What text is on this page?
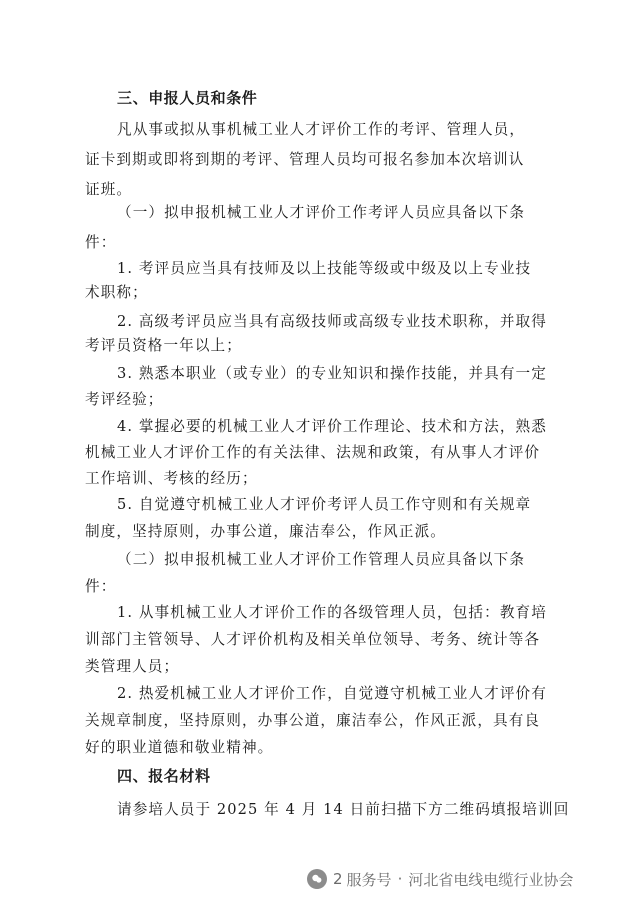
三、申报人员和条件
凡从事或拟从事机械工业人才评价工作的考评、管理人员，
证卡到期或即将到期的考评、管理人员均可报名参加本次培训认
证班。
（一）拟申报机械工业人才评价工作考评人员应具备以下条
件：
1. 考评员应当具有技师及以上技能等级或中级及以上专业技
术职称；
2. 高级考评员应当具有高级技师或高级专业技术职称，并取得
考评员资格一年以上；
3. 熟悉本职业（或专业）的专业知识和操作技能，并具有一定
考评经验；
4. 掌握必要的机械工业人才评价工作理论、技术和方法，熟悉
机械工业人才评价工作的有关法律、法规和政策，有从事人才评价
工作培训、考核的经历；
5. 自觉遵守机械工业人才评价考评人员工作守则和有关规章
制度，坚持原则，办事公道，廉洁奉公，作风正派。
（二）拟申报机械工业人才评价工作管理人员应具备以下条
件：
1. 从事机械工业人才评价工作的各级管理人员，包括：教育培
训部门主管领导、人才评价机构及相关单位领导、考务、统计等各
类管理人员；
2. 热爱机械工业人才评价工作，自觉遵守机械工业人才评价有
关规章制度，坚持原则，办事公道，廉洁奉公，作风正派，具有良
好的职业道德和敬业精神。
四、报名材料
请参培人员于 2025 年 4 月 14 日前扫描下方二维码填报培训回
2 服务号 · 河北省电线电缆行业协会
